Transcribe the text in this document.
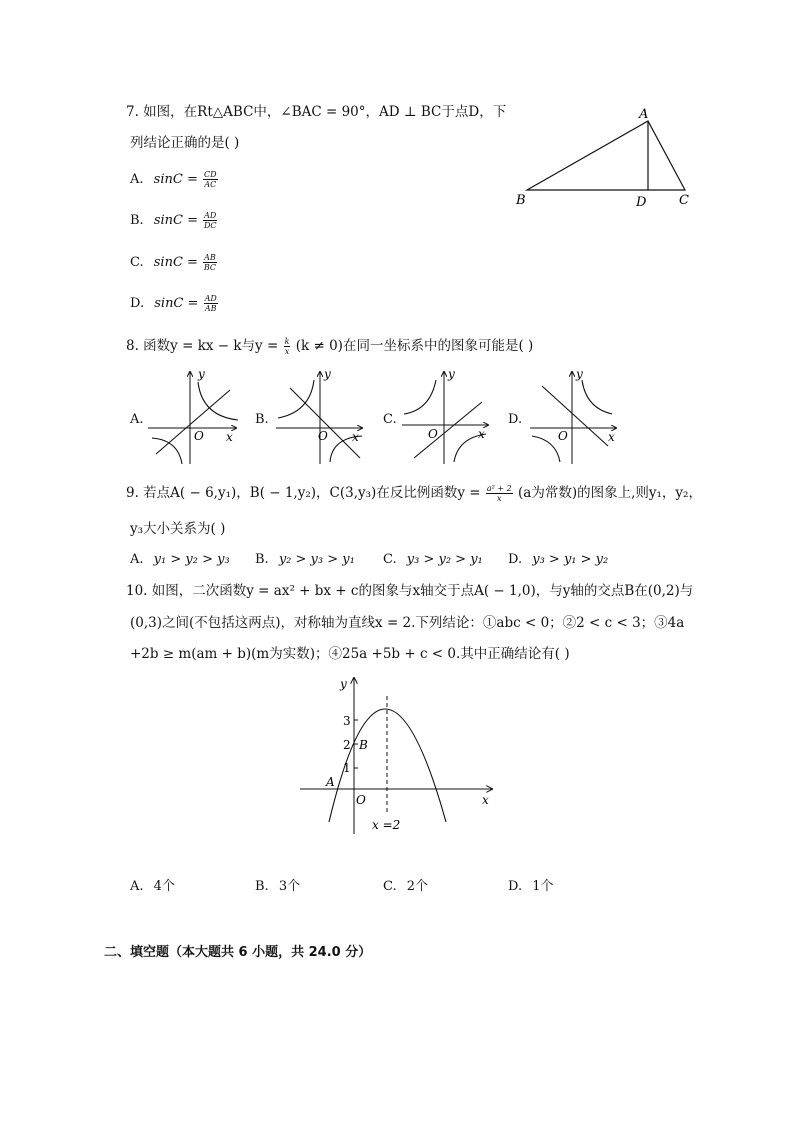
7. 如图，在Rt△ABC中，∠BAC = 90°，AD ⊥ BC于点D，下
列结论正确的是( )
A. $\sin C = \frac{CD}{AC}$
B. $\sin C = \frac{AD}{DC}$
C. $\sin C = \frac{AB}{BC}$
D. $\sin C = \frac{AD}{AB}$
A
B	D	C
8. 函数y = kx − k与$y = \frac{k}{x} (k \ne 0)$在同一坐标系中的图象可能是( )
A.	B.	C.	D.
y
x
O
y
x
O
y
x
O
y
x
O
9. 若点A( − 6,y₁)，B( − 1,y₂)，C(3,y₃)在反比例函数$y = \frac{\text{a² + 2}}{x} (a$为常数)的图象上,则y₁，y₂，
y₃大小关系为( )
A. y₁ > y₂ > y₃ B. y₂ > y₃ > y₁ C. y₃ > y₂ > y₁ D. y₃ > y₁ > y₂
10. 如图，二次函数y = ax² + bx + c的图象与x轴交于点A( − 1,0)，与y轴的交点B在(0,2)与
(0,3)之间(不包括这两点)，对称轴为直线x = 2.下列结论：①abc < 0；②2 < c < 3；③4a
+2b ≥ m(am + b)(m为实数)；④25a +5b + c < 0.其中正确结论有( )
y
x
O
A
B
3
2
1
x =2
A. 4个	B. 3个	C. 2个	D. 1个
二、填空题（本大题共 6 小题，共 24.0 分）
